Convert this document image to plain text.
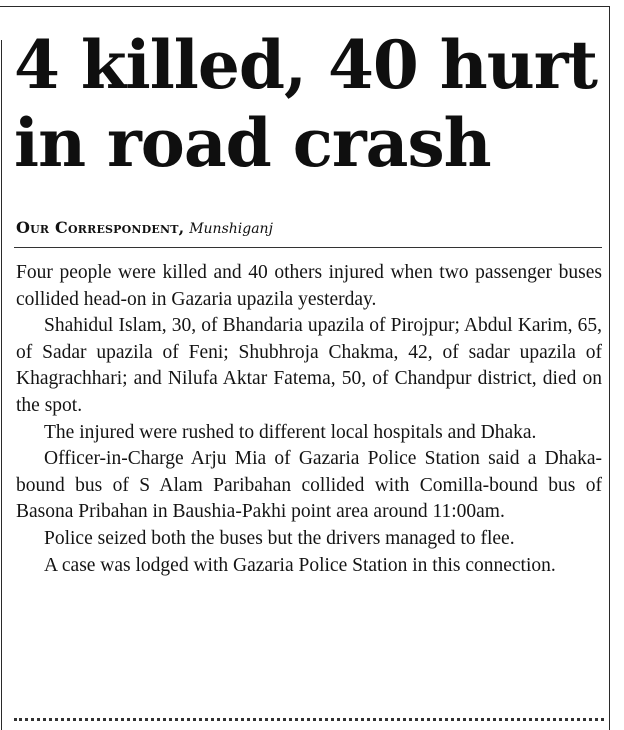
4 killed, 40 hurt
in road crash
Our Correspondent, Munshiganj

Four people were killed and 40 others injured when two passenger buses collided head-on in Gazaria upazila yesterday.

Shahidul Islam, 30, of Bhandaria upazila of Pirojpur; Abdul Karim, 65, of Sadar upazila of Feni; Shubhroja Chakma, 42, of sadar upazila of Khagrachhari; and Nilufa Aktar Fatema, 50, of Chandpur district, died on the spot.

The injured were rushed to different local hospitals and Dhaka.

Officer-in-Charge Arju Mia of Gazaria Police Station said a Dhaka-bound bus of S Alam Paribahan collided with Comilla-bound bus of Basona Pribahan in Baushia-Pakhi point area around 11:00am.

Police seized both the buses but the drivers managed to flee.

A case was lodged with Gazaria Police Station in this connection.
